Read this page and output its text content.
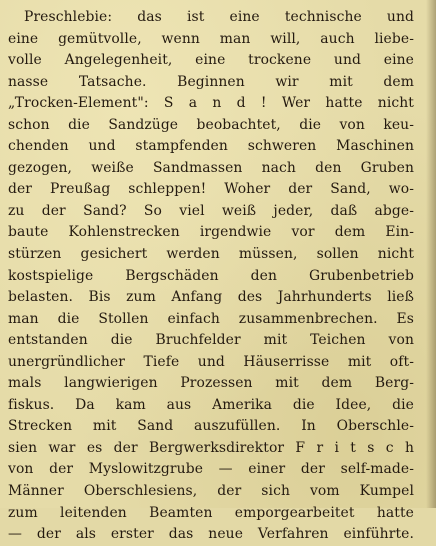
Preschlebie: das ist eine technische und
eine gemütvolle, wenn man will, auch liebe-
volle Angelegenheit, eine trockene und eine
nasse Tatsache. Beginnen wir mit dem
„Trocken-Element": S a n d ! Wer hatte nicht
schon die Sandzüge beobachtet, die von keu-
chenden und stampfenden schweren Maschinen
gezogen, weiße Sandmassen nach den Gruben
der Preußag schleppen! Woher der Sand, wo-
zu der Sand? So viel weiß jeder, daß abge-
baute Kohlenstrecken irgendwie vor dem Ein-
stürzen gesichert werden müssen, sollen nicht
kostspielige Bergschäden den Grubenbetrieb
belasten. Bis zum Anfang des Jahrhunderts ließ
man die Stollen einfach zusammenbrechen. Es
entstanden die Bruchfelder mit Teichen von
unergründlicher Tiefe und Häuserrisse mit oft-
mals langwierigen Prozessen mit dem Berg-
fiskus. Da kam aus Amerika die Idee, die
Strecken mit Sand auszufüllen. In Oberschle-
sien war es der Bergwerksdirektor F r i t s c h
von der Myslowitzgrube — einer der self-made-
Männer Oberschlesiens, der sich vom Kumpel
zum leitenden Beamten emporgearbeitet hatte
— der als erster das neue Verfahren einführte.
